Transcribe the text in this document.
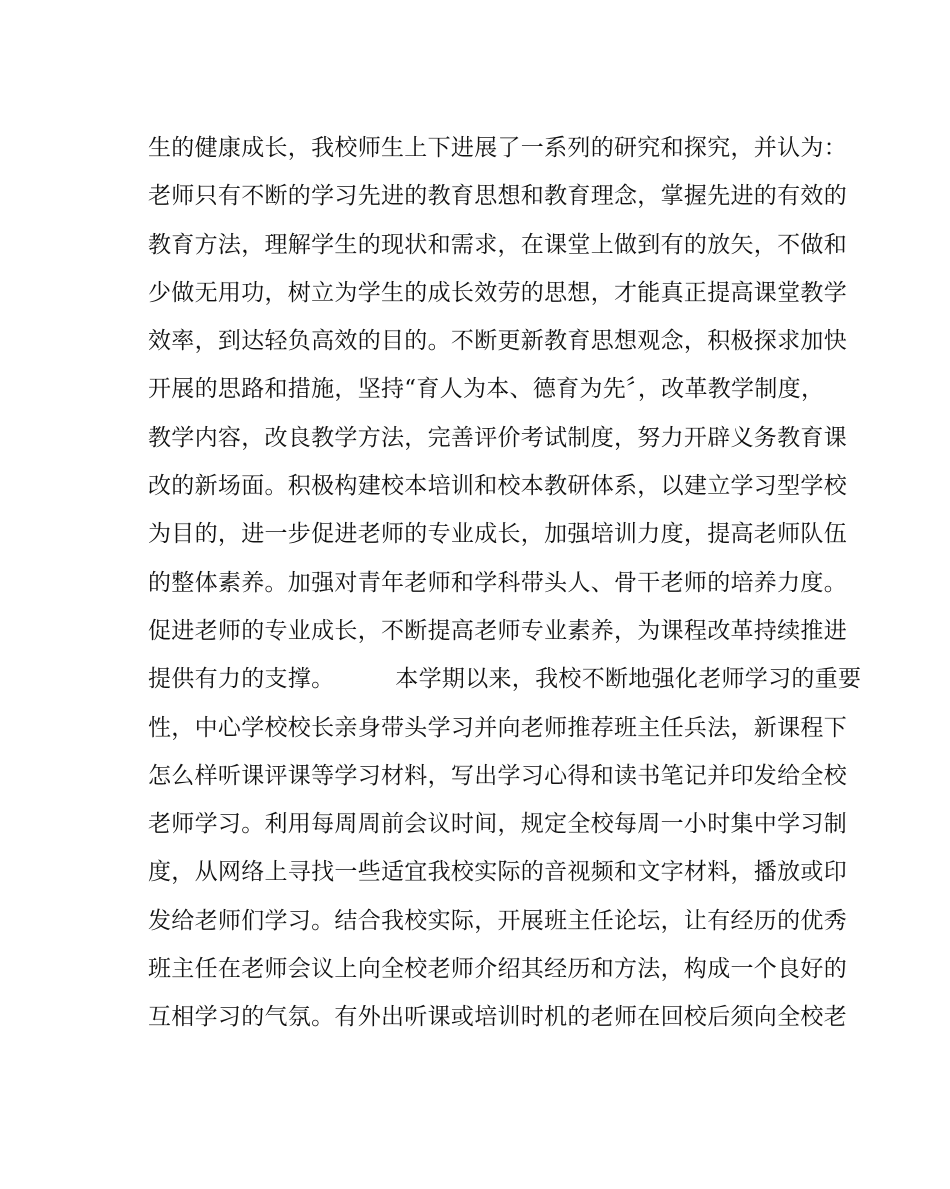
生的健康成长，我校师生上下进展了一系列的研究和探究，并认为：
老师只有不断的学习先进的教育思想和教育理念，掌握先进的有效的
教育方法，理解学生的现状和需求，在课堂上做到有的放矢，不做和
少做无用功，树立为学生的成长效劳的思想，才能真正提高课堂教学
效率，到达轻负高效的目的。不断更新教育思想观念，积极探求加快
开展的思路和措施，坚持“育人为本、德育为先〞，改革教学制度，
教学内容，改良教学方法，完善评价考试制度，努力开辟义务教育课
改的新场面。积极构建校本培训和校本教研体系，以建立学习型学校
为目的，进一步促进老师的专业成长，加强培训力度，提高老师队伍
的整体素养。加强对青年老师和学科带头人、骨干老师的培养力度。
促进老师的专业成长，不断提高老师专业素养，为课程改革持续推进
提供有力的支撑。        本学期以来，我校不断地强化老师学习的重要
性，中心学校校长亲身带头学习并向老师推荐班主任兵法，新课程下
怎么样听课评课等学习材料，写出学习心得和读书笔记并印发给全校
老师学习。利用每周周前会议时间，规定全校每周一小时集中学习制
度，从网络上寻找一些适宜我校实际的音视频和文字材料，播放或印
发给老师们学习。结合我校实际，开展班主任论坛，让有经历的优秀
班主任在老师会议上向全校老师介绍其经历和方法，构成一个良好的
互相学习的气氛。有外出听课或培训时机的老师在回校后须向全校老
